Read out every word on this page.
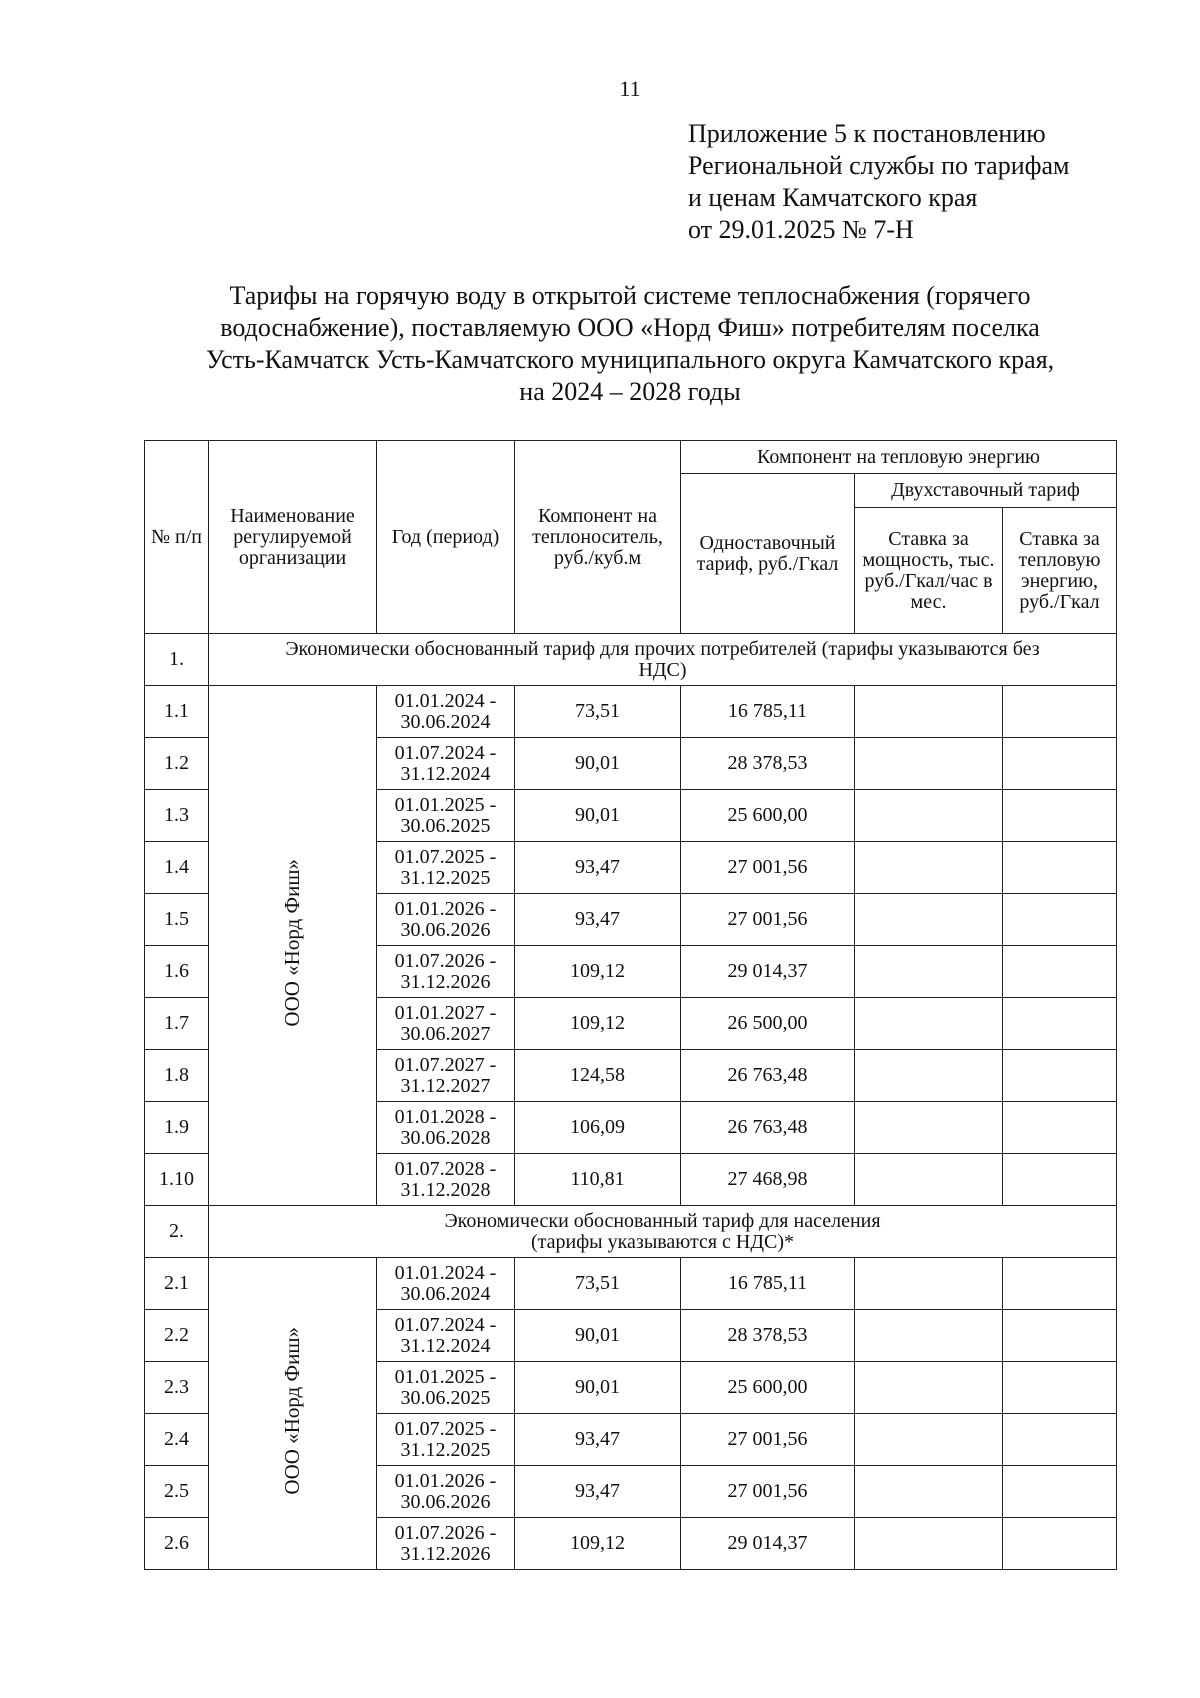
11
Приложение 5 к постановлению
Региональной службы по тарифам
и ценам Камчатского края
от 29.01.2025 № 7-Н
Тарифы на горячую воду в открытой системе теплоснабжения (горячего
водоснабжение), поставляемую ООО «Норд Фиш» потребителям поселка
Усть-Камчатск Усть-Камчатского муниципального округа Камчатского края,
на 2024 – 2028 годы
№ п/п	Наименование регулируемой организации	Год (период)	Компонент на теплоноситель, руб./куб.м	Компонент на тепловую энергию		
				Одноставочный тариф, руб./Гкал	Двухставочный тариф	
					Ставка за мощность, тыс. руб./Гкал/час в мес.	Ставка за тепловую энергию, руб./Гкал
1.	Экономически обоснованный тариф для прочих потребителей (тарифы указываются без
НДС)					

1.1	ООО «Норд Фиш»	01.01.2024 -
30.06.2024	73,51	16 785,11		
1.2		01.07.2024 -
31.12.2024	90,01	28 378,53		
1.3		01.01.2025 -
30.06.2025	90,01	25 600,00		
1.4		01.07.2025 -
31.12.2025	93,47	27 001,56		
1.5		01.01.2026 -
30.06.2026	93,47	27 001,56		
1.6		01.07.2026 -
31.12.2026	109,12	29 014,37		
1.7		01.01.2027 -
30.06.2027	109,12	26 500,00		
1.8		01.07.2027 -
31.12.2027	124,58	26 763,48		
1.9		01.01.2028 -
30.06.2028	106,09	26 763,48		
1.10		01.07.2028 -
31.12.2028	110,81	27 468,98		
2.	Экономически обоснованный тариф для населения
(тарифы указываются с НДС)*					

2.1	ООО «Норд Фиш»	01.01.2024 -
30.06.2024	73,51	16 785,11		
2.2		01.07.2024 -
31.12.2024	90,01	28 378,53		
2.3		01.01.2025 -
30.06.2025	90,01	25 600,00		
2.4		01.07.2025 -
31.12.2025	93,47	27 001,56		
2.5		01.01.2026 -
30.06.2026	93,47	27 001,56		
2.6		01.07.2026 -
31.12.2026	109,12	29 014,37		
